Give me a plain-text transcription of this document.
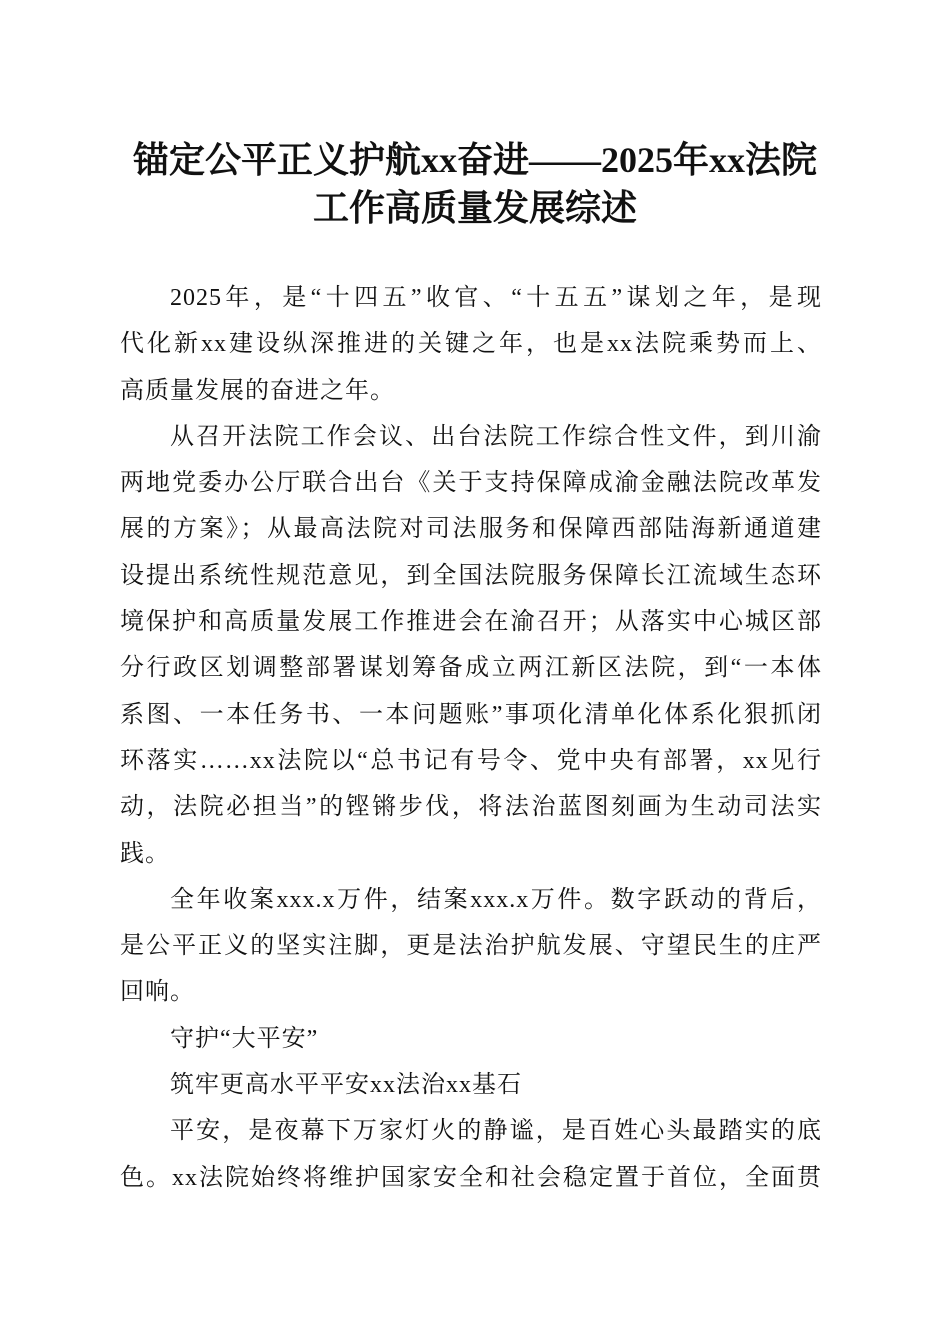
锚定公平正义护航xx奋进——2025年xx法院
工作高质量发展综述
2025年，是“十四五”收官、“十五五”谋划之年，是现
代化新xx建设纵深推进的关键之年，也是xx法院乘势而上、
高质量发展的奋进之年。
从召开法院工作会议、出台法院工作综合性文件，到川渝
两地党委办公厅联合出台《关于支持保障成渝金融法院改革发
展的方案》；从最高法院对司法服务和保障西部陆海新通道建
设提出系统性规范意见，到全国法院服务保障长江流域生态环
境保护和高质量发展工作推进会在渝召开；从落实中心城区部
分行政区划调整部署谋划筹备成立两江新区法院，到“一本体
系图、一本任务书、一本问题账”事项化清单化体系化狠抓闭
环落实……xx法院以“总书记有号令、党中央有部署，xx见行
动，法院必担当”的铿锵步伐，将法治蓝图刻画为生动司法实
践。
全年收案xxx.x万件，结案xxx.x万件。数字跃动的背后，
是公平正义的坚实注脚，更是法治护航发展、守望民生的庄严
回响。
守护“大平安”
筑牢更高水平平安xx法治xx基石
平安，是夜幕下万家灯火的静谧，是百姓心头最踏实的底
色。xx法院始终将维护国家安全和社会稳定置于首位，全面贯
